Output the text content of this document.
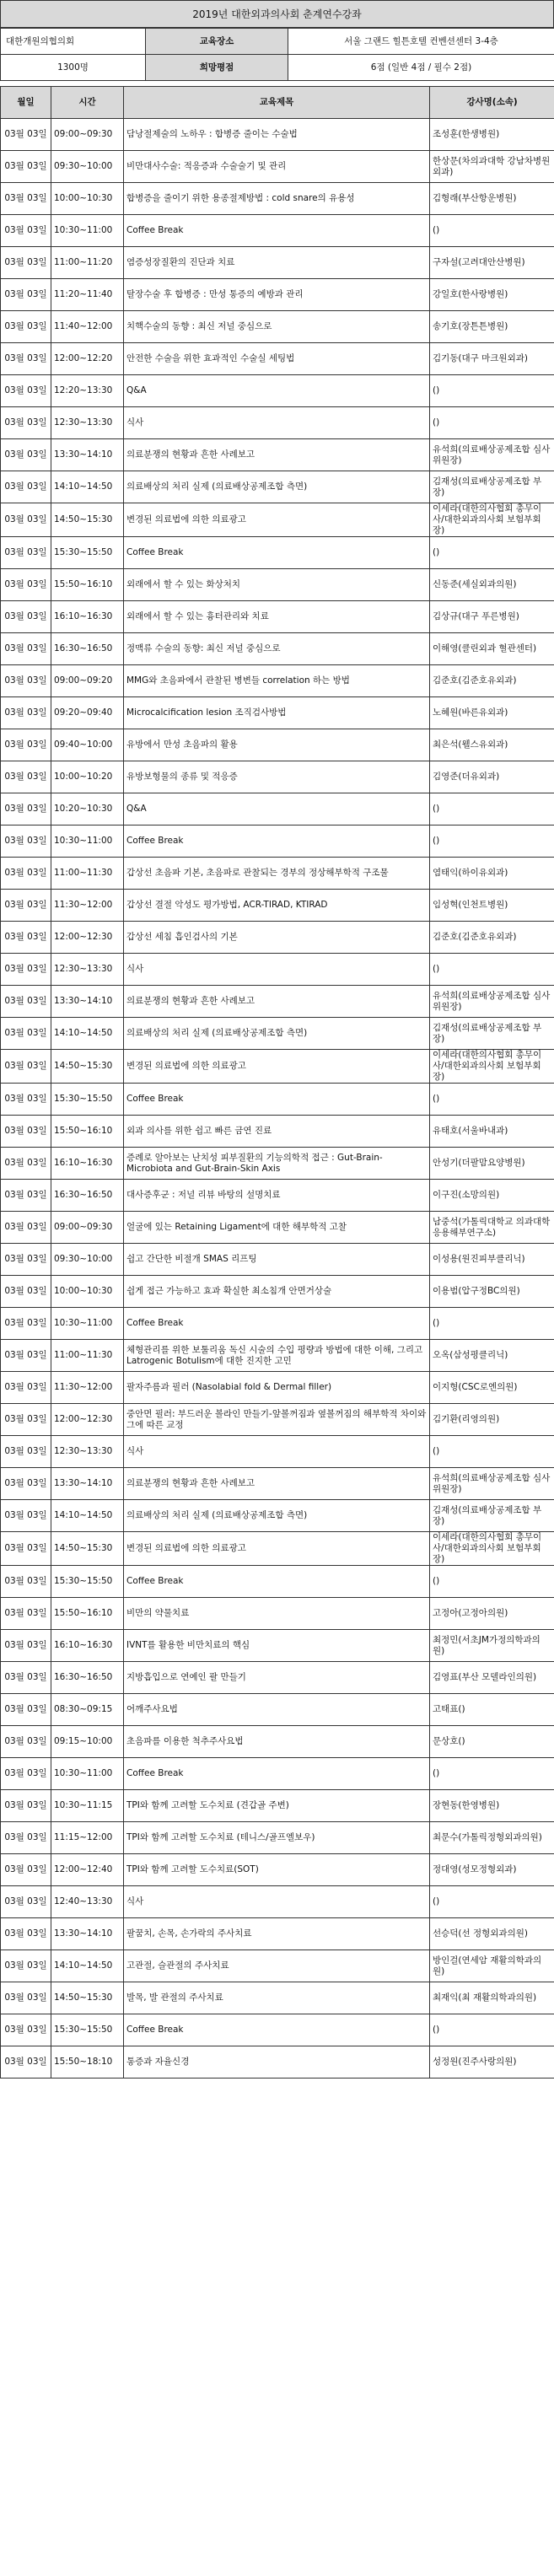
2019년 대한외과의사회 춘계연수강좌
대한개원의협의회	교육장소	서울 그랜드 힐튼호텔 컨벤션센터 3-4층
1300명	희망평점	6점 (일반 4점 / 필수 2점)
월일	시간	교육제목	강사명(소속)
03월 03일	09:00~09:30	담낭절제술의 노하우 : 합병증 줄이는 수술법	조성훈(한생병원)
03월 03일	09:30~10:00	비만대사수술: 적응증과 수술술기 및 관리	한상문(차의과대학 강남차병원 외과)
03월 03일	10:00~10:30	합병증을 줄이기 위한 용종절제방법 : cold snare의 유용성	김형래(부산항운병원)
03월 03일	10:30~11:00	Coffee Break	()
03월 03일	11:00~11:20	염증성장질환의 진단과 치료	구자설(고려대안산병원)
03월 03일	11:20~11:40	탈장수술 후 합병증 : 만성 통증의 예방과 관리	강일호(한사랑병원)
03월 03일	11:40~12:00	치핵수술의 동향 : 최신 저널 중심으로	송기호(장튼튼병원)
03월 03일	12:00~12:20	안전한 수술을 위한 효과적인 수술실 세팅법	김기동(대구 마크원외과)
03월 03일	12:20~13:30	Q&A	()
03월 03일	12:30~13:30	식사	()
03월 03일	13:30~14:10	의료분쟁의 현황과 흔한 사례보고	유석희(의료배상공제조합 심사위원장)
03월 03일	14:10~14:50	의료배상의 처리 실제 (의료배상공제조합 측면)	김재성(의료배상공제조합 부장)
03월 03일	14:50~15:30	변경된 의료법에 의한 의료광고	이세라(대한의사협회 총무이사/대한외과의사회 보험부회장)
03월 03일	15:30~15:50	Coffee Break	()
03월 03일	15:50~16:10	외래에서 할 수 있는 화상처치	신동준(세실외과의원)
03월 03일	16:10~16:30	외래에서 할 수 있는 흉터관리와 치료	김상규(대구 푸른병원)
03월 03일	16:30~16:50	정맥류 수술의 동향: 최신 저널 중심으로	이해영(클린외과 혈관센터)
03월 03일	09:00~09:20	MMG와 초음파에서 관찰된 병변들 correlation 하는 방법	김준호(김준호유외과)
03월 03일	09:20~09:40	Microcalcification lesion 조직검사방법	노혜원(바른유외과)
03월 03일	09:40~10:00	유방에서 만성 초음파의 활용	최은석(웰스유외과)
03월 03일	10:00~10:20	유방보형물의 종류 및 적응증	김영준(더유외과)
03월 03일	10:20~10:30	Q&A	()
03월 03일	10:30~11:00	Coffee Break	()
03월 03일	11:00~11:30	갑상선 초음파 기본, 초음파로 관찰되는 경부의 정상해부학적 구조물	염태익(하이유외과)
03월 03일	11:30~12:00	갑상선 결절 악성도 평가방법, ACR-TIRAD, KTIRAD	임성혁(인천트병원)
03월 03일	12:00~12:30	갑상선 세침 흡인검사의 기본	김준호(김준호유외과)
03월 03일	12:30~13:30	식사	()
03월 03일	13:30~14:10	의료분쟁의 현황과 흔한 사례보고	유석희(의료배상공제조합 심사위원장)
03월 03일	14:10~14:50	의료배상의 처리 실제 (의료배상공제조합 측면)	김재성(의료배상공제조합 부장)
03월 03일	14:50~15:30	변경된 의료법에 의한 의료광고	이세라(대한의사협회 총무이사/대한외과의사회 보험부회장)
03월 03일	15:30~15:50	Coffee Break	()
03월 03일	15:50~16:10	외과 의사를 위한 쉽고 빠른 금연 진료	유태호(서울바내과)
03월 03일	16:10~16:30	증례로 알아보는 난치성 피부질환의 기능의학적 접근 : Gut-Brain-Microbiota and Gut-Brain-Skin Axis	안성기(더팔맘요양병원)
03월 03일	16:30~16:50	대사증후군 : 저널 리뷰 바탕의 설명치료	이구진(소망의원)
03월 03일	09:00~09:30	얼굴에 있는 Retaining Ligament에 대한 해부학적 고찰	남중석(가톨릭대학교 의과대학 응용해부연구소)
03월 03일	09:30~10:00	쉽고 간단한 비절개 SMAS 리프팅	이성용(원진피부클리닉)
03월 03일	10:00~10:30	쉽게 접근 가능하고 효과 확실한 최소침개 안면거상술	이용범(압구정BC의원)
03월 03일	10:30~11:00	Coffee Break	()
03월 03일	11:00~11:30	체형관리를 위한 보툴리움 독신 시술의 수입 평량과 방법에 대한 이해, 그리고 Latrogenic Botulism에 대한 진지한 고민	오옥(삼성평클리닉)
03월 03일	11:30~12:00	팔자주름과 필러 (Nasolabial fold & Dermal filler)	이지형(CSC로엔의원)
03월 03일	12:00~12:30	중안면 필러: 부드러운 볼라인 만들기-앞볼꺼짐과 옆볼꺼짐의 해부학적 차이와 그에 따른 교정	김기환(리영의원)
03월 03일	12:30~13:30	식사	()
03월 03일	13:30~14:10	의료분쟁의 현황과 흔한 사례보고	유석희(의료배상공제조합 심사위원장)
03월 03일	14:10~14:50	의료배상의 처리 실제 (의료배상공제조합 측면)	김재성(의료배상공제조합 부장)
03월 03일	14:50~15:30	변경된 의료법에 의한 의료광고	이세라(대한의사협회 총무이사/대한외과의사회 보험부회장)
03월 03일	15:30~15:50	Coffee Break	()
03월 03일	15:50~16:10	비만의 약물치료	고정아(고정아의원)
03월 03일	16:10~16:30	IVNT를 활용한 비만치료의 핵심	최정민(서초JM가정의학과의원)
03월 03일	16:30~16:50	지방흡입으로 연예인 팔 만들기	김영표(부산 모델라인의원)
03월 03일	08:30~09:15	어깨주사요법	고태표()
03월 03일	09:15~10:00	초음파를 이용한 척추주사요법	문상호()
03월 03일	10:30~11:00	Coffee Break	()
03월 03일	10:30~11:15	TPI와 함께 고려할 도수치료 (견갑골 주변)	장현동(한영병원)
03월 03일	11:15~12:00	TPI와 함께 고려할 도수치료 (테니스/골프엘보우)	최문수(가톨릭정형외과의원)
03월 03일	12:00~12:40	TPI와 함께 고려할 도수치료(SOT)	정대영(성모정형외과)
03월 03일	12:40~13:30	식사	()
03월 03일	13:30~14:10	팔꿈치, 손목, 손가락의 주사치료	선승덕(선 정형외과의원)
03월 03일	14:10~14:50	고관절, 슬관절의 주사치료	방인걸(연세암 재활의학과의원)
03월 03일	14:50~15:30	발목, 발 관절의 주사치료	최재익(최 재활의학과의원)
03월 03일	15:30~15:50	Coffee Break	()
03월 03일	15:50~18:10	통증과 자율신경	성정원(진주사랑의원)
